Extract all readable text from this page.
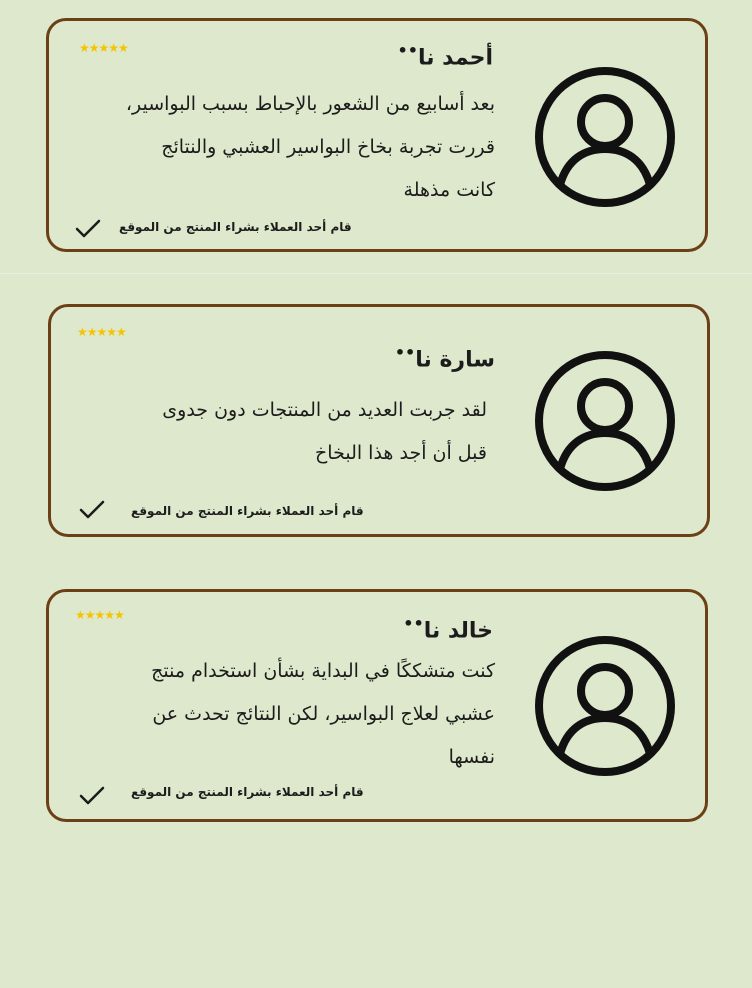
★★★★★	أحمد نا••
بعد أسابيع من الشعور بالإحباط بسبب البواسير،
قررت تجربة بخاخ البواسير العشبي والنتائج
كانت مذهلة
قام أحد العملاء بشراء المنتج من الموقع
★★★★★
سارة نا••
لقد جربت العديد من المنتجات دون جدوى
قبل أن أجد هذا البخاخ
قام أحد العملاء بشراء المنتج من الموقع
★★★★★
خالد نا••
كنت متشككًا في البداية بشأن استخدام منتج
عشبي لعلاج البواسير، لكن النتائج تحدث عن
نفسها
قام أحد العملاء بشراء المنتج من الموقع
